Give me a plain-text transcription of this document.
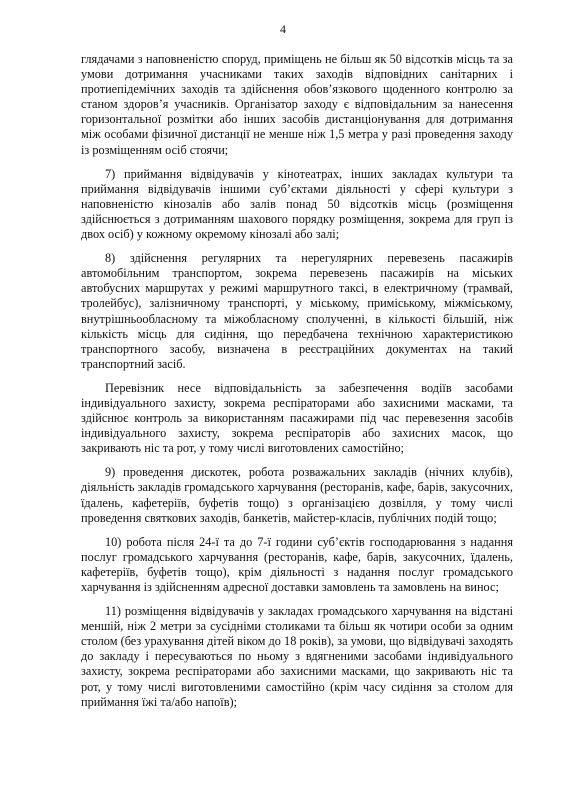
4

глядачами з наповненістю споруд, приміщень не більш як 50 відсотків місць та за умови дотримання учасниками таких заходів відповідних санітарних і протиепідемічних заходів та здійснення обов’язкового щоденного контролю за станом здоров’я учасників. Організатор заходу є відповідальним за нанесення горизонтальної розмітки або інших засобів дистанціонування для дотримання між особами фізичної дистанції не менше ніж 1,5 метра у разі проведення заходу із розміщенням осіб стоячи;

7) приймання відвідувачів у кінотеатрах, інших закладах культури та приймання відвідувачів іншими суб’єктами діяльності у сфері культури з наповненістю кінозалів або залів понад 50 відсотків місць (розміщення здійснюється з дотриманням шахового порядку розміщення, зокрема для груп із двох осіб) у кожному окремому кінозалі або залі;

8) здійснення регулярних та нерегулярних перевезень пасажирів автомобільним транспортом, зокрема перевезень пасажирів на міських автобусних маршрутах у режимі маршрутного таксі, в електричному (трамвай, тролейбус), залізничному транспорті, у міському, приміському, міжміському, внутрішньообласному та міжобласному сполученні, в кількості більшій, ніж кількість місць для сидіння, що передбачена технічною характеристикою транспортного засобу, визначена в реєстраційних документах на такий транспортний засіб.

Перевізник несе відповідальність за забезпечення водіїв засобами індивідуального захисту, зокрема респіраторами або захисними масками, та здійснює контроль за використанням пасажирами під час перевезення засобів індивідуального захисту, зокрема респіраторів або захисних масок, що закривають ніс та рот, у тому числі виготовлених самостійно;

9) проведення дискотек, робота розважальних закладів (нічних клубів), діяльність закладів громадського харчування (ресторанів, кафе, барів, закусочних, їдалень, кафетеріїв, буфетів тощо) з організацією дозвілля, у тому числі проведення святкових заходів, банкетів, майстер-класів, публічних подій тощо;

10) робота після 24-ї та до 7-ї години суб’єктів господарювання з надання послуг громадського харчування (ресторанів, кафе, барів, закусочних, їдалень, кафетеріїв, буфетів тощо), крім діяльності з надання послуг громадського харчування із здійсненням адресної доставки замовлень та замовлень на винос;

11) розміщення відвідувачів у закладах громадського харчування на відстані меншій, ніж 2 метри за сусідніми столиками та більш як чотири особи за одним столом (без урахування дітей віком до 18 років), за умови, що відвідувачі заходять до закладу і пересуваються по ньому з вдягненими засобами індивідуального захисту, зокрема респіраторами або захисними масками, що закривають ніс та рот, у тому числі виготовленими самостійно (крім часу сидіння за столом для приймання їжі та/або напоїв);
